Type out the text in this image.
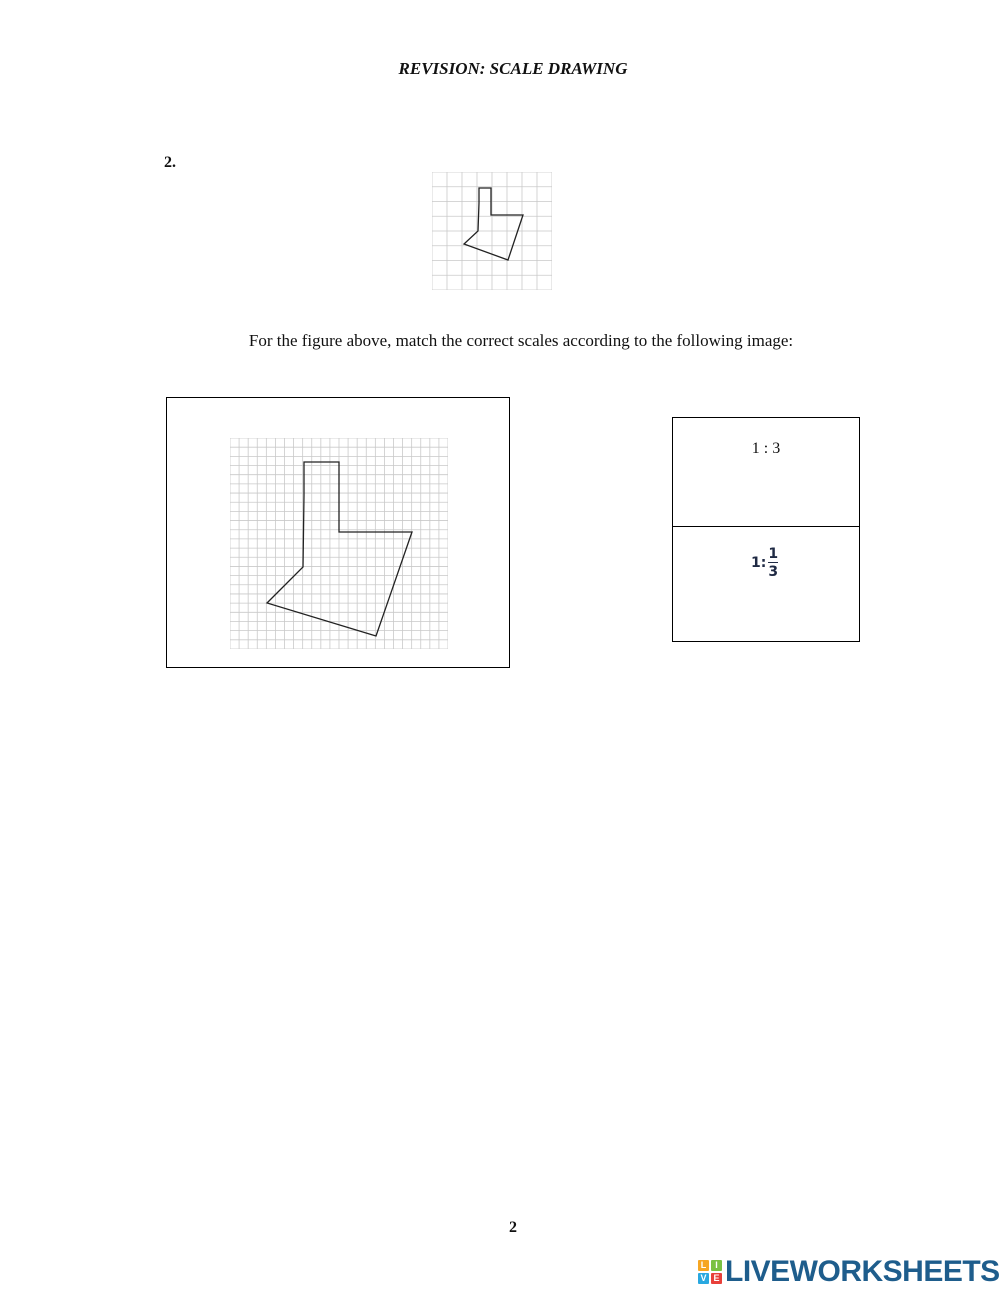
REVISION: SCALE DRAWING
2.
For the figure above, match the correct scales according to the following image:
1 : 3
1: $\frac{1}{3}$
2
L I
V E LIVEWORKSHEETS
